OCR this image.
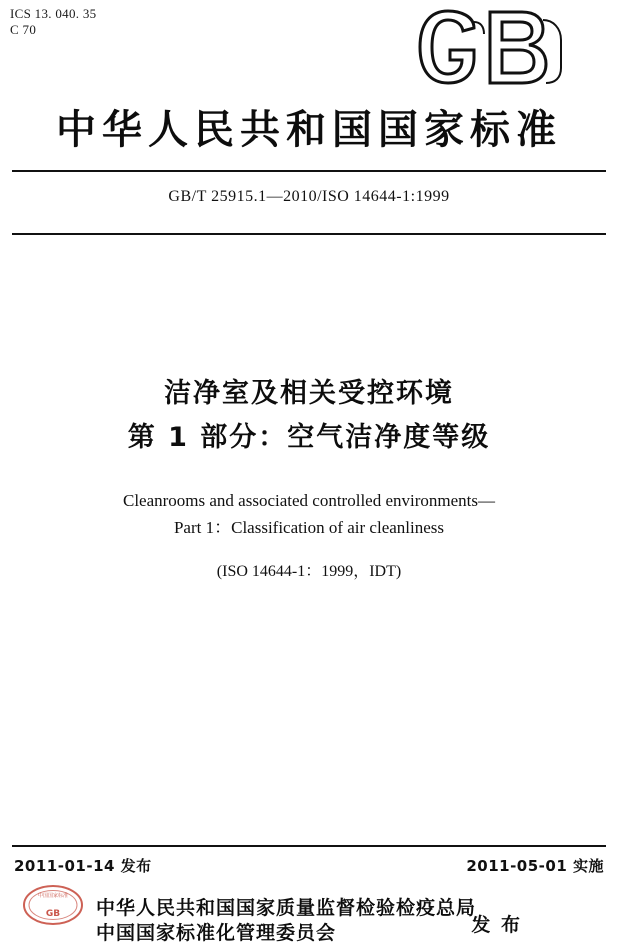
ICS 13. 040. 35
C 70
中华人民共和国国家标准
GB/T 25915.1—2010/ISO 14644-1:1999
洁净室及相关受控环境
第 1 部分：空气洁净度等级
Cleanrooms and associated controlled environments—
Part 1：Classification of air cleanliness
(ISO 14644-1：1999，IDT)
2011-01-14 发布	2011-05-01 实施
中国国家标准
GB 中华人民共和国国家质量监督检验检疫总局
中国国家标准化管理委员会	发 布
